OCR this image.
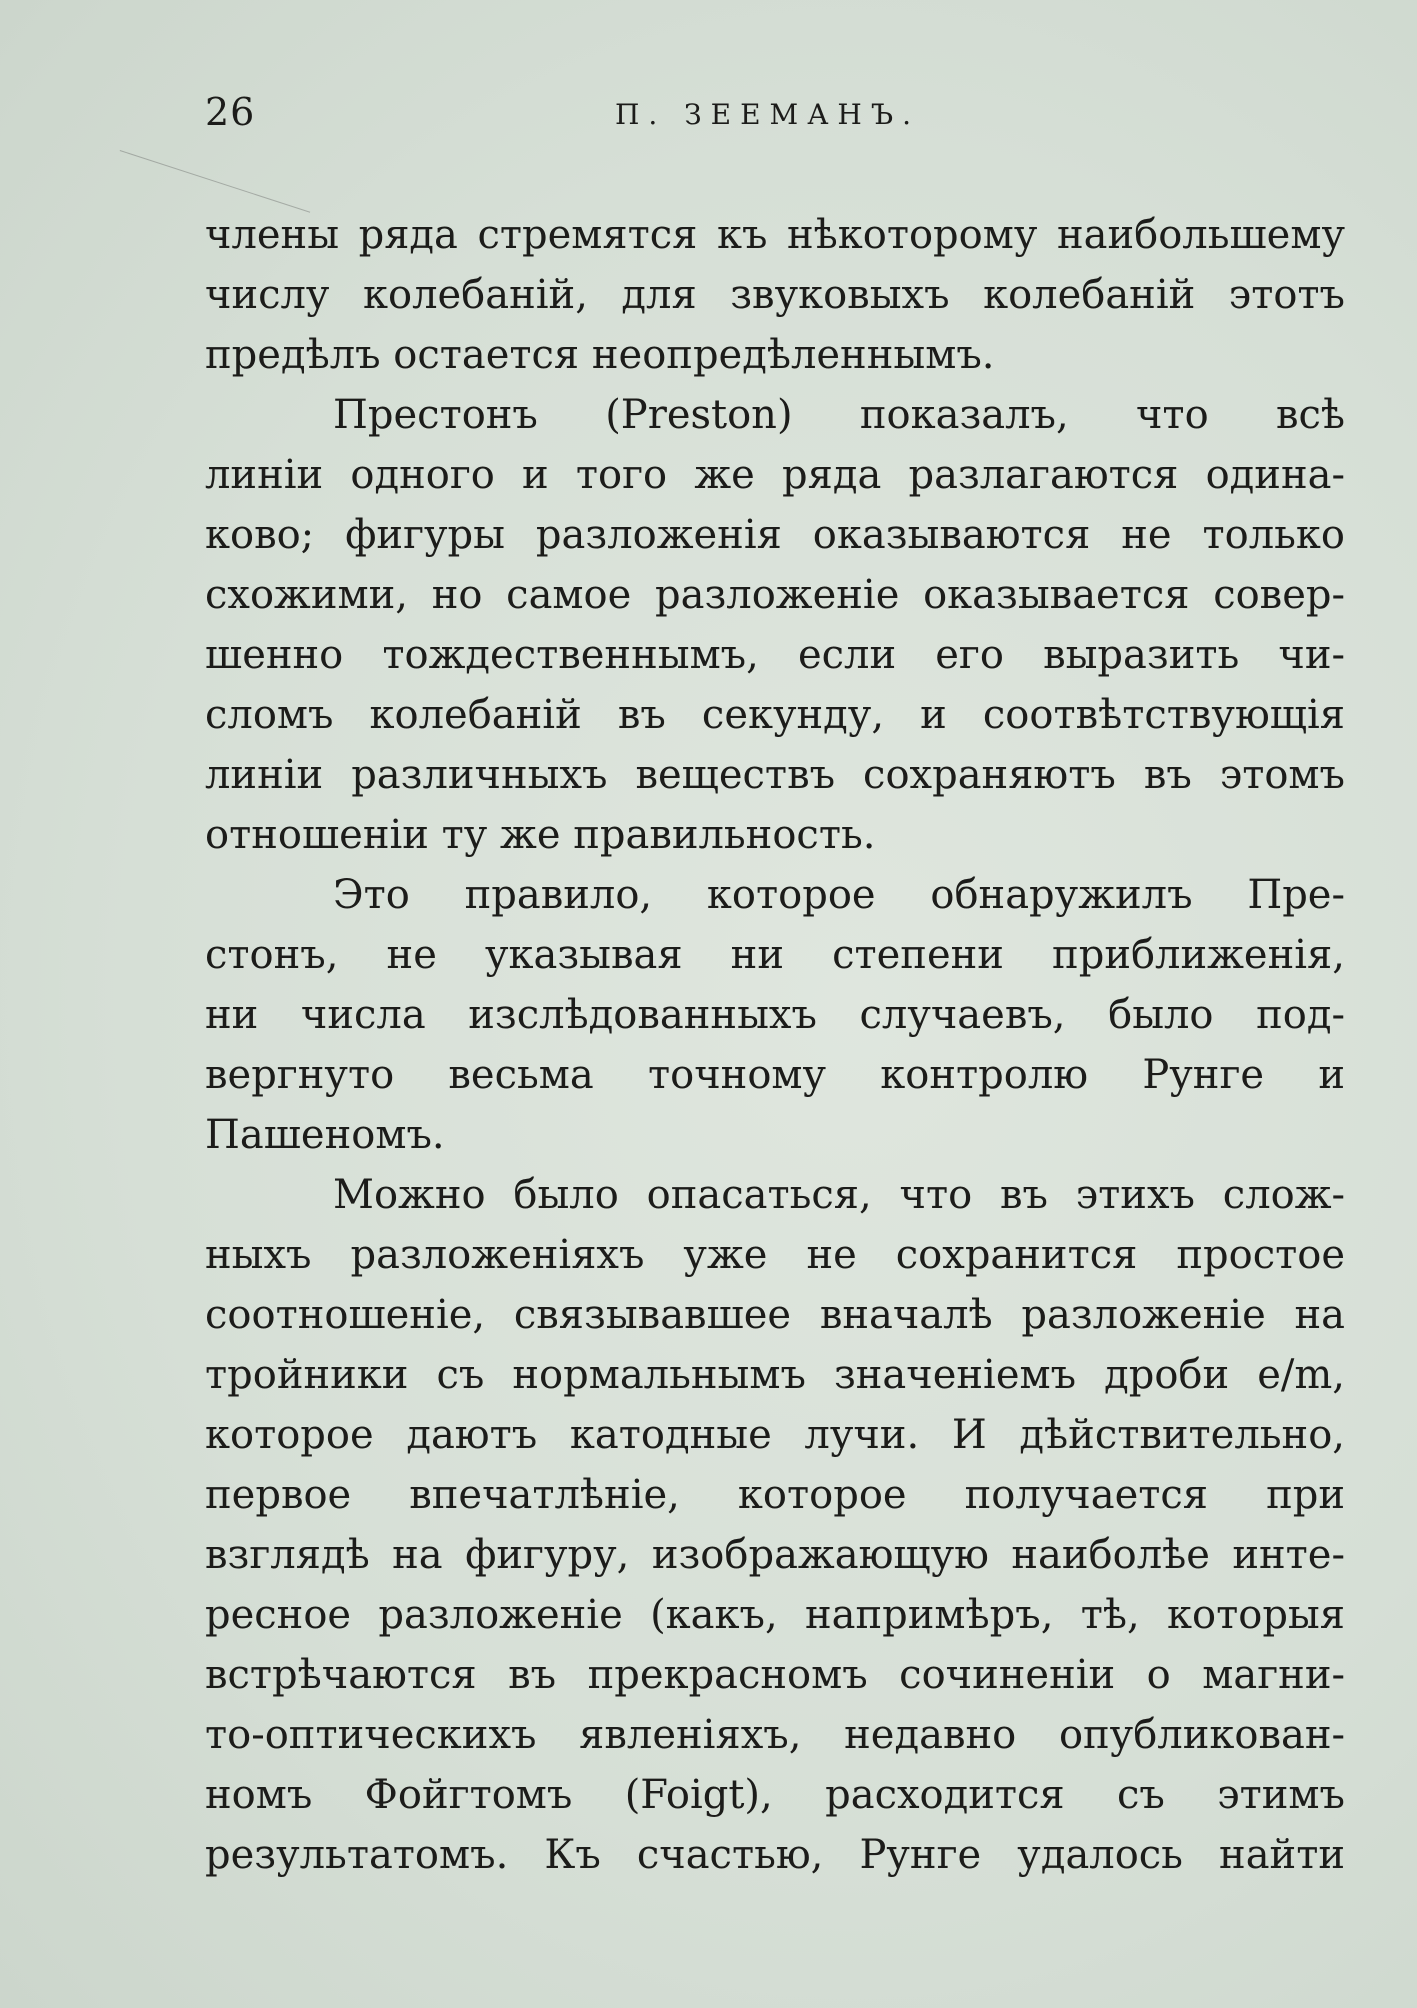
26	П. ЗЕЕМАНЪ.
члены ряда стремятся къ нѣкоторому наибольшему
числу колебаній, для звуковыхъ колебаній этотъ
предѣлъ остается неопредѣленнымъ.
Престонъ (Preston) показалъ, что всѣ
линіи одного и того же ряда разлагаются одина-
ково; фигуры разложенія оказываются не только
схожими, но самое разложеніе оказывается совер-
шенно тождественнымъ, если его выразить чи-
сломъ колебаній въ секунду, и соотвѣтствующія
линіи различныхъ веществъ сохраняютъ въ этомъ
отношеніи ту же правильность.
Это правило, которое обнаружилъ Пре-
стонъ, не указывая ни степени приближенія,
ни числа изслѣдованныхъ случаевъ, было под-
вергнуто весьма точному контролю Рунге и
Пашеномъ.
Можно было опасаться, что въ этихъ слож-
ныхъ разложеніяхъ уже не сохранится простое
соотношеніе, связывавшее вначалѣ разложеніе на
тройники съ нормальнымъ значеніемъ дроби e/m,
которое даютъ катодные лучи. И дѣйствительно,
первое впечатлѣніе, которое получается при
взглядѣ на фигуру, изображающую наиболѣе инте-
ресное разложеніе (какъ, напримѣръ, тѣ, которыя
встрѣчаются въ прекрасномъ сочиненіи о магни-
то-оптическихъ явленіяхъ, недавно опубликован-
номъ Фойгтомъ (Foigt), расходится съ этимъ
результатомъ. Къ счастью, Рунге удалось найти
